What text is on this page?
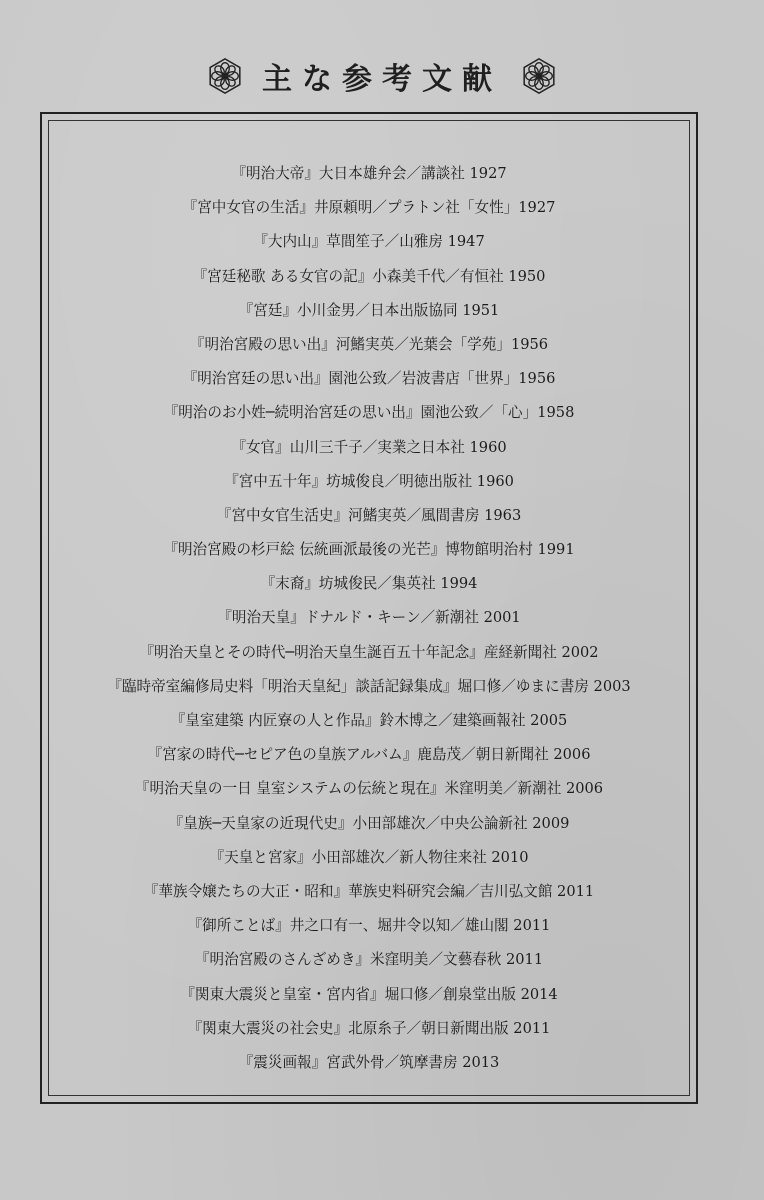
主な参考文献
『明治大帝』大日本雄弁会／講談社 1927
『宮中女官の生活』井原頼明／プラトン社「女性」1927
『大内山』草間笙子／山雅房 1947
『宮廷秘歌 ある女官の記』小森美千代／有恒社 1950
『宮廷』小川金男／日本出版協同 1951
『明治宮殿の思い出』河鰭実英／光葉会「学苑」1956
『明治宮廷の思い出』園池公致／岩波書店「世界」1956
『明治のお小姓─続明治宮廷の思い出』園池公致／「心」1958
『女官』山川三千子／実業之日本社 1960
『宮中五十年』坊城俊良／明徳出版社 1960
『宮中女官生活史』河鰭実英／風間書房 1963
『明治宮殿の杉戸絵 伝統画派最後の光芒』博物館明治村 1991
『末裔』坊城俊民／集英社 1994
『明治天皇』ドナルド・キーン／新潮社 2001
『明治天皇とその時代─明治天皇生誕百五十年記念』産経新聞社 2002
『臨時帝室編修局史料「明治天皇紀」談話記録集成』堀口修／ゆまに書房 2003
『皇室建築 内匠寮の人と作品』鈴木博之／建築画報社 2005
『宮家の時代─セピア色の皇族アルバム』鹿島茂／朝日新聞社 2006
『明治天皇の一日 皇室システムの伝統と現在』米窪明美／新潮社 2006
『皇族─天皇家の近現代史』小田部雄次／中央公論新社 2009
『天皇と宮家』小田部雄次／新人物往来社 2010
『華族令嬢たちの大正・昭和』華族史料研究会編／吉川弘文館 2011
『御所ことば』井之口有一、堀井令以知／雄山閣 2011
『明治宮殿のさんざめき』米窪明美／文藝春秋 2011
『関東大震災と皇室・宮内省』堀口修／創泉堂出版 2014
『関東大震災の社会史』北原糸子／朝日新聞出版 2011
『震災画報』宮武外骨／筑摩書房 2013
